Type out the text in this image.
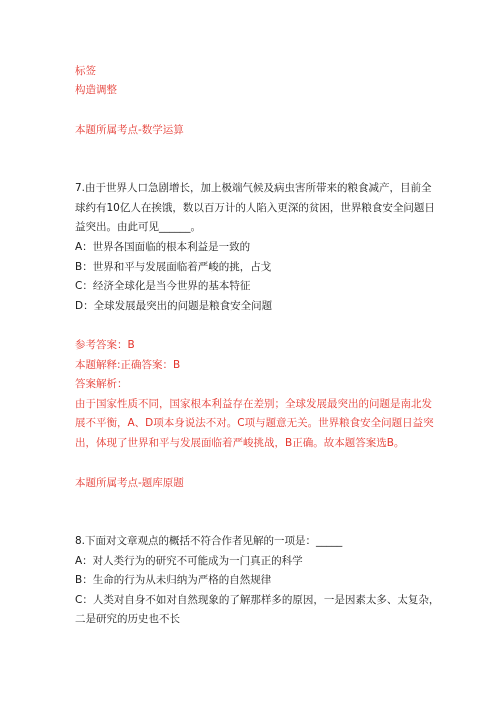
标签
构造调整
本题所属考点-数学运算
7.由于世界人口急剧增长，加上极端气候及病虫害所带来的粮食减产，目前全
球约有10亿人在挨饿，数以百万计的人陷入更深的贫困，世界粮食安全问题日
益突出。由此可见______。
A：世界各国面临的根本利益是一致的
B：世界和平与发展面临着严峻的挑，占戈
C：经济全球化是当今世界的基本特征
D：全球发展最突出的问题是粮食安全问题
参考答案：B
本题解释:正确答案：B
答案解析：
由于国家性质不同，国家根本利益存在差别；全球发展最突出的问题是南北发
展不平衡，A、D项本身说法不对。C项与题意无关。世界粮食安全问题日益突
出，体现了世界和平与发展面临着严峻挑战，B正确。故本题答案选B。
本题所属考点-题库原题
8.下面对文章观点的概括不符合作者见解的一项是：_____
A：对人类行为的研究不可能成为一门真正的科学
B：生命的行为从未归纳为严格的自然规律
C：人类对自身不如对自然现象的了解那样多的原因，一是因素太多、太复杂，
二是研究的历史也不长
